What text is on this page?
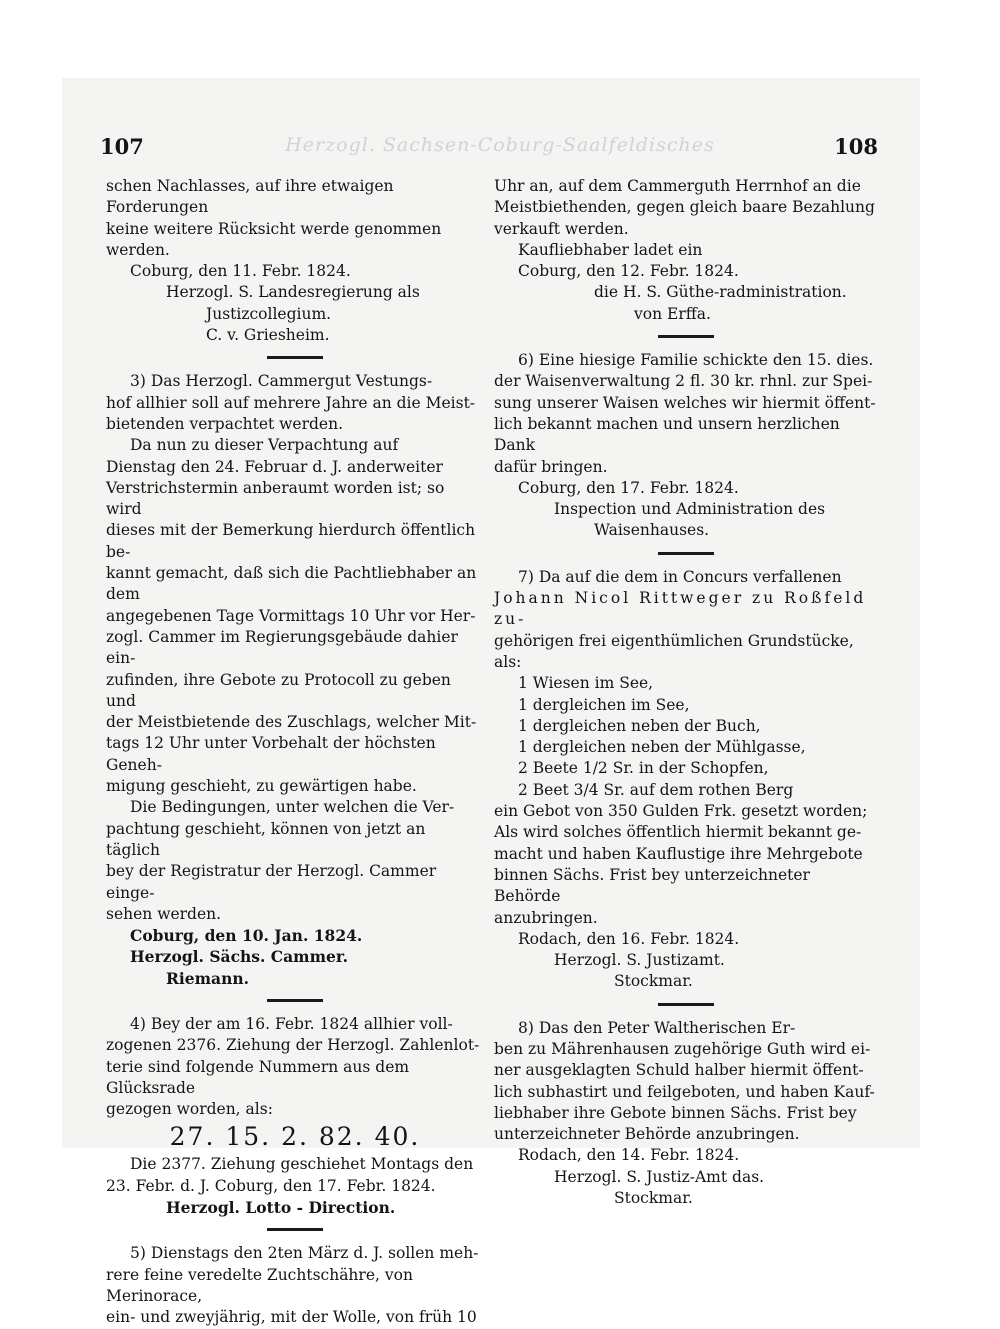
Herzogl. Sachsen-Coburg-Saalfeldisches
107	108

schen Nachlasses, auf ihre etwaigen Forderungen

keine weitere Rücksicht werde genommen werden.

Coburg, den 11. Febr. 1824.

Herzogl. S. Landesregierung als

Justizcollegium.

C. v. Griesheim.

3) Das Herzogl. Cammergut Vestungs-

hof allhier soll auf mehrere Jahre an die Meist-

bietenden verpachtet werden.

Da nun zu dieser Verpachtung auf

Dienstag den 24. Februar d. J. anderweiter

Verstrichstermin anberaumt worden ist; so wird

dieses mit der Bemerkung hierdurch öffentlich be-

kannt gemacht, daß sich die Pachtliebhaber an dem

angegebenen Tage Vormittags 10 Uhr vor Her-

zogl. Cammer im Regierungsgebäude dahier ein-

zufinden, ihre Gebote zu Protocoll zu geben und

der Meistbietende des Zuschlags, welcher Mit-

tags 12 Uhr unter Vorbehalt der höchsten Geneh-

migung geschieht, zu gewärtigen habe.

Die Bedingungen, unter welchen die Ver-

pachtung geschieht, können von jetzt an täglich

bey der Registratur der Herzogl. Cammer einge-

sehen werden.

Coburg, den 10. Jan. 1824.

Herzogl. Sächs. Cammer.

Riemann.

4) Bey der am 16. Febr. 1824 allhier voll-

zogenen 2376. Ziehung der Herzogl. Zahlenlot-

terie sind folgende Nummern aus dem Glücksrade

gezogen worden, als:

27. 15. 2. 82. 40.

Die 2377. Ziehung geschiehet Montags den

23. Febr. d. J. Coburg, den 17. Febr. 1824.

Herzogl. Lotto - Direction.

5) Dienstags den 2ten März d. J. sollen meh-

rere feine veredelte Zuchtschähre, von Merinorace,

ein- und zweyjährig, mit der Wolle, von früh 10

Uhr an, auf dem Cammerguth Herrnhof an die

Meistbiethenden, gegen gleich baare Bezahlung

verkauft werden.

Kaufliebhaber ladet ein

Coburg, den 12. Febr. 1824.

die H. S. Güthe-radministration.

von Erffa.

6) Eine hiesige Familie schickte den 15. dies.

der Waisenverwaltung 2 fl. 30 kr. rhnl. zur Spei-

sung unserer Waisen welches wir hiermit öffent-

lich bekannt machen und unsern herzlichen Dank

dafür bringen.

Coburg, den 17. Febr. 1824.

Inspection und Administration des

Waisenhauses.

7) Da auf die dem in Concurs verfallenen

Johann Nicol Rittweger zu Roßfeld zu-

gehörigen frei eigenthümlichen Grundstücke, als:

1 Wiesen im See,

1 dergleichen im See,

1 dergleichen neben der Buch,

1 dergleichen neben der Mühlgasse,

2 Beete 1/2 Sr. in der Schopfen,

2 Beet 3/4 Sr. auf dem rothen Berg

ein Gebot von 350 Gulden Frk. gesetzt worden;

Als wird solches öffentlich hiermit bekannt ge-

macht und haben Kauflustige ihre Mehrgebote

binnen Sächs. Frist bey unterzeichneter Behörde

anzubringen.

Rodach, den 16. Febr. 1824.

Herzogl. S. Justizamt.

Stockmar.

8) Das den Peter Waltherischen Er-

ben zu Mährenhausen zugehörige Guth wird ei-

ner ausgeklagten Schuld halber hiermit öffent-

lich subhastirt und feilgeboten, und haben Kauf-

liebhaber ihre Gebote binnen Sächs. Frist bey

unterzeichneter Behörde anzubringen.

Rodach, den 14. Febr. 1824.

Herzogl. S. Justiz-Amt das.

Stockmar.
